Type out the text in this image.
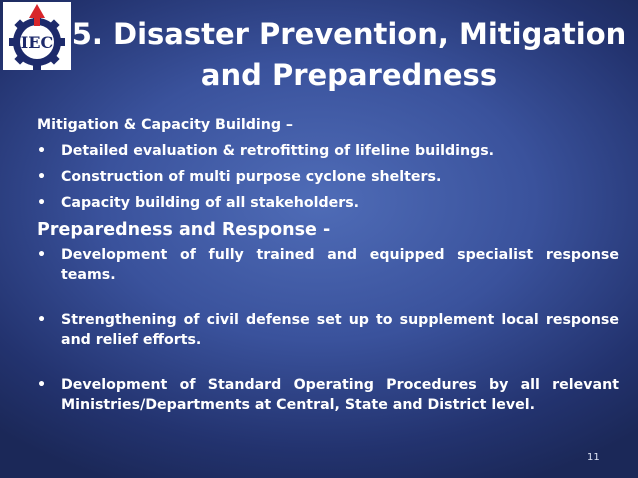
IEC 5. Disaster Prevention, Mitigation
and Preparedness
Mitigation & Capacity Building –
• Detailed evaluation & retrofitting of lifeline buildings.
• Construction of multi purpose cyclone shelters.
• Capacity building of all stakeholders.
Preparedness and Response -
• Development of fully trained and equipped specialist response teams.
• Strengthening of civil defense set up to supplement local response and relief efforts.
• Development of Standard Operating Procedures by all relevant Ministries/Departments at Central, State and District level.
11
